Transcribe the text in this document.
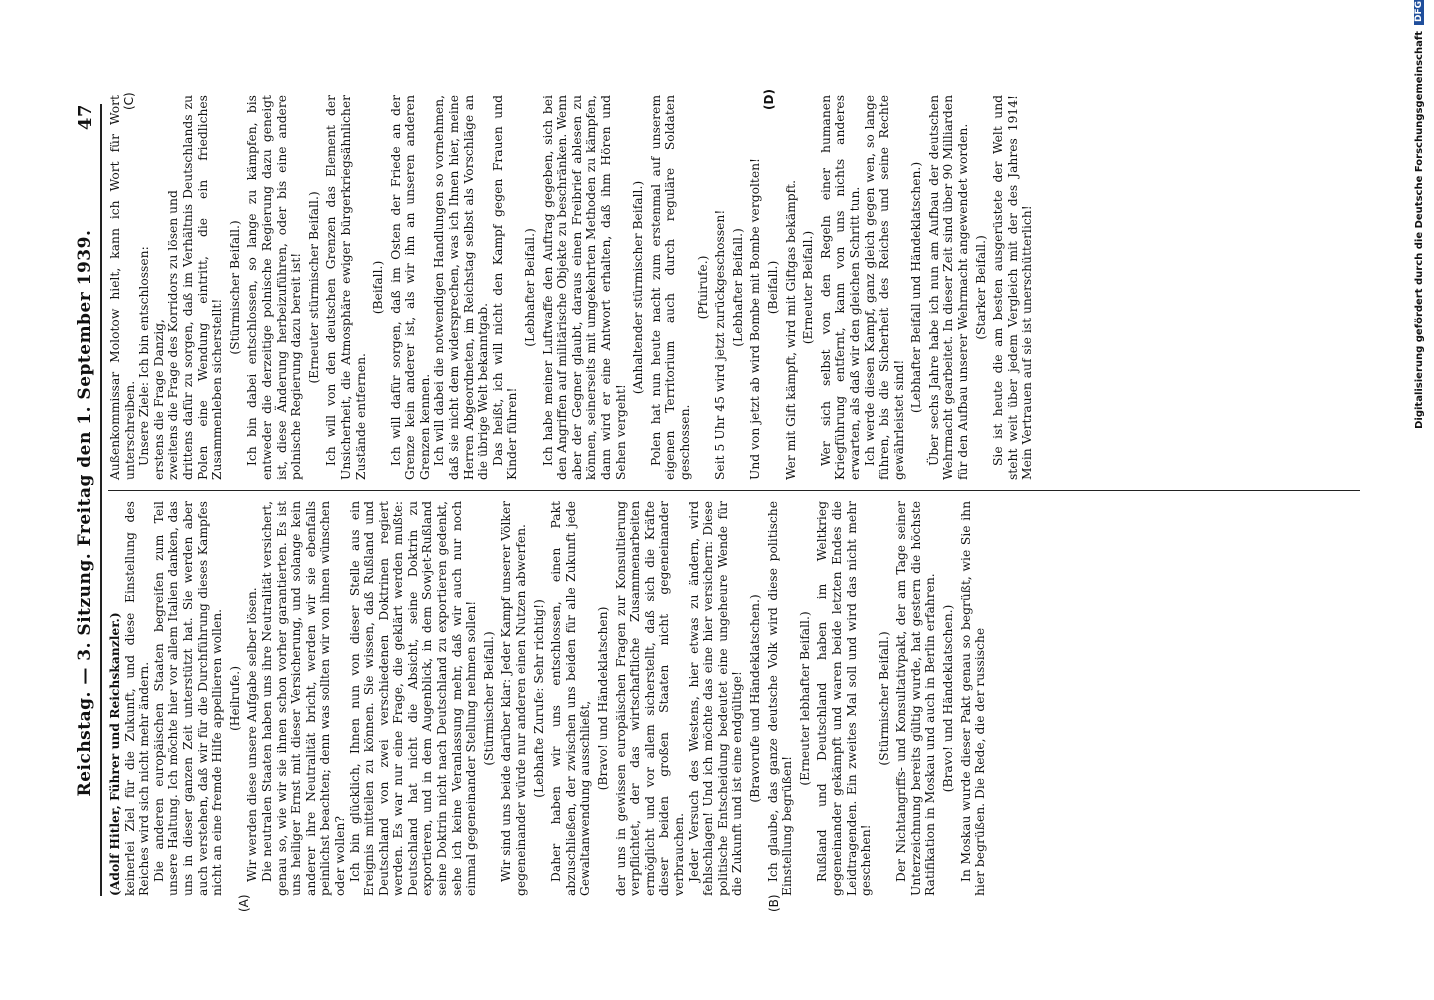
Reichstag. — 3. Sitzung. Freitag den 1. September 1939.
47
(A)	(B)
(C)	(D)

(Adolf Hitler, Führer und Reichskanzler.) keinerlei Ziel für die Zukunft, und diese Einstellung des Reiches wird sich nicht mehr ändern. Die anderen europäischen Staaten begreifen zum Teil unsere Haltung. Ich möchte hier vor allem Italien danken, das uns in dieser ganzen Zeit unterstützt hat. Sie werden aber auch verstehen, daß wir für die Durchführung dieses Kampfes nicht an eine fremde Hilfe appellieren wollen. (Heilrufe.) Wir werden diese unsere Aufgabe selber lösen. Die neutralen Staaten haben uns ihre Neutralität versichert, genau so, wie wir sie ihnen schon vorher garantierten. Es ist uns heiliger Ernst mit dieser Versicherung, und solange kein anderer ihre Neutralität bricht, werden wir sie ebenfalls peinlichst beachten; denn was sollten wir von ihnen wünschen oder wollen? Ich bin glücklich, Ihnen nun von dieser Stelle aus ein Ereignis mitteilen zu können. Sie wissen, daß Rußland und Deutschland von zwei verschiedenen Doktrinen regiert werden. Es war nur eine Frage, die geklärt werden mußte: Deutschland hat nicht die Absicht, seine Doktrin zu exportieren, und in dem Augenblick, in dem Sowjet-Rußland seine Doktrin nicht nach Deutschland zu exportieren gedenkt, sehe ich keine Veranlassung mehr, daß wir auch nur noch einmal gegeneinander Stellung nehmen sollen! (Stürmischer Beifall.) Wir sind uns beide darüber klar: Jeder Kampf unserer Völker gegeneinander würde nur anderen einen Nutzen abwerfen. (Lebhafte Zurufe: Sehr richtig!) Daher haben wir uns entschlossen, einen Pakt abzuschließen, der zwischen uns beiden für alle Zukunft jede Gewaltanwendung ausschließt,

(Bravo! und Händeklatschen) der uns in gewissen europäischen Fragen zur Konsultierung verpflichtet, der das wirtschaftliche Zusammenarbeiten ermöglicht und vor allem sicherstellt, daß sich die Kräfte dieser beiden großen Staaten nicht gegeneinander verbrauchen. Jeder Versuch des Westens, hier etwas zu ändern, wird fehlschlagen! Und ich möchte das eine hier versichern: Diese politische Entscheidung bedeutet eine ungeheure Wende für die Zukunft und ist eine endgültige! (Bravorufe und Händeklatschen.) Ich glaube, das ganze deutsche Volk wird diese politische Einstellung begrüßen!

(Erneuter lebhafter Beifall.) Rußland und Deutschland haben im Weltkrieg gegeneinander gekämpft und waren beide letzten Endes die Leidtragenden. Ein zweites Mal soll und wird das nicht mehr geschehen!

(Stürmischer Beifall.) Der Nichtangriffs- und Konsultativpakt, der am Tage seiner Unterzeichnung bereits gültig wurde, hat gestern die höchste Ratifikation in Moskau und auch in Berlin erfahren. (Bravo! und Händeklatschen.) In Moskau wurde dieser Pakt genau so begrüßt, wie Sie ihn hier begrüßen. Die Rede, die der russische

Außenkommissar Molotow hielt, kann ich Wort für Wort unterschreiben. Unsere Ziele: Ich bin entschlossen: erstens die Frage Danzig, zweitens die Frage des Korridors zu lösen und drittens dafür zu sorgen, daß im Verhältnis Deutschlands zu Polen eine Wendung eintritt, die ein friedliches Zusammenleben sicherstellt!

(Stürmischer Beifall.) Ich bin dabei entschlossen, so lange zu kämpfen, bis entweder die derzeitige polnische Regierung dazu geneigt ist, diese Änderung herbeizuführen, oder bis eine andere polnische Regierung dazu bereit ist! (Erneuter stürmischer Beifall.) Ich will von den deutschen Grenzen das Element der Unsicherheit, die Atmosphäre ewiger bürgerkriegsähnlicher Zustände entfernen.

(Beifall.) Ich will dafür sorgen, daß im Osten der Friede an der Grenze kein anderer ist, als wir ihn an unseren anderen Grenzen kennen. Ich will dabei die notwendigen Handlungen so vornehmen, daß sie nicht dem widersprechen, was ich Ihnen hier, meine Herren Abgeordneten, im Reichstag selbst als Vorschläge an die übrige Welt bekanntgab. Das heißt, ich will nicht den Kampf gegen Frauen und Kinder führen!

(Lebhafter Beifall.) Ich habe meiner Luftwaffe den Auftrag gegeben, sich bei den Angriffen auf militärische Objekte zu beschränken. Wenn aber der Gegner glaubt, daraus einen Freibrief ablesen zu können, seinerseits mit umgekehrten Methoden zu kämpfen, dann wird er eine Antwort erhalten, daß ihm Hören und Sehen vergeht!

(Anhaltender stürmischer Beifall.) Polen hat nun heute nacht zum erstenmal auf unserem eigenen Territorium auch durch reguläre Soldaten geschossen.

(Pfuirufe.) Seit 5 Uhr 45 wird jetzt zurückgeschossen! (Lebhafter Beifall.) Und von jetzt ab wird Bombe mit Bombe vergolten! (Beifall.) Wer mit Gift kämpft, wird mit Giftgas bekämpft. (Erneuter Beifall.) Wer sich selbst von den Regeln einer humanen Kriegführung entfernt, kann von uns nichts anderes erwarten, als daß wir den gleichen Schritt tun. Ich werde diesen Kampf, ganz gleich gegen wen, so lange führen, bis die Sicherheit des Reiches und seine Rechte gewährleistet sind!

(Lebhafter Beifall und Händeklatschen.) Über sechs Jahre habe ich nun am Aufbau der deutschen Wehrmacht gearbeitet. In dieser Zeit sind über 90 Milliarden für den Aufbau unserer Wehrmacht angewendet worden. (Starker Beifall.) Sie ist heute die am besten ausgerüstete der Welt und steht weit über jedem Vergleich mit der des Jahres 1914! Mein Vertrauen auf sie ist unerschütterlich!	Digitalisierung gefördert durch die Deutsche Forschungsgemeinschaft
DFG
